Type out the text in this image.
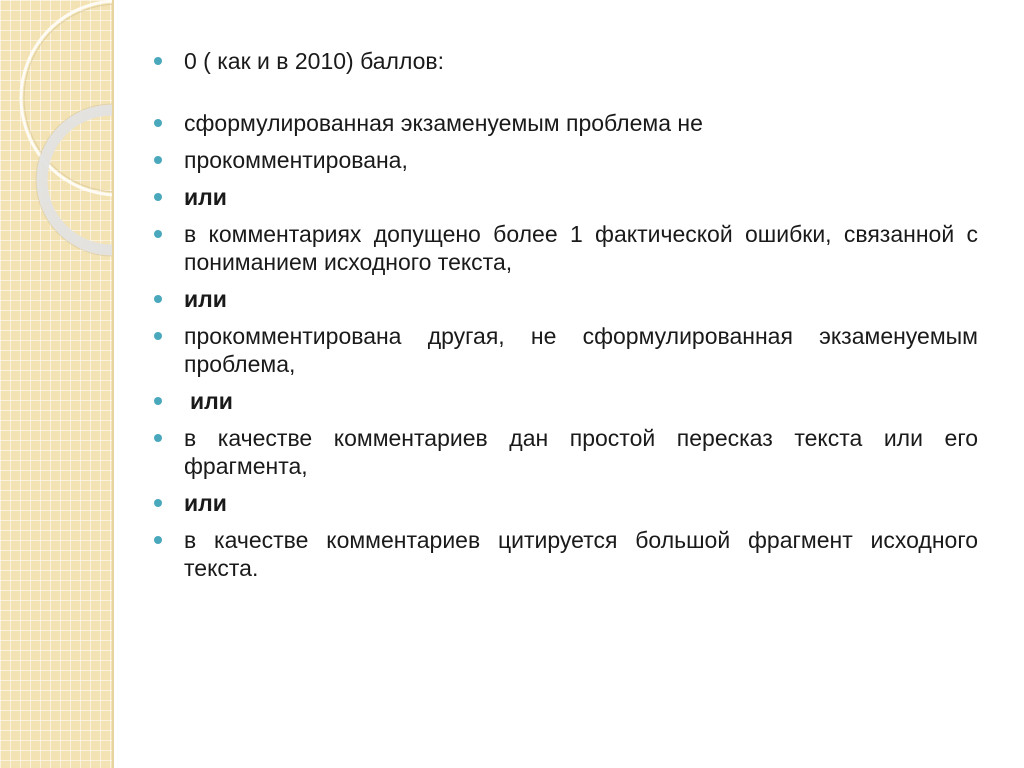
0 ( как и в 2010) баллов:
сформулированная экзаменуемым проблема не
прокомментирована,
или
в комментариях допущено более 1 фактической ошибки, связанной с пониманием исходного текста,
или
прокомментирована другая, не сформулированная экзаменуемым проблема,
или
в качестве комментариев дан простой пересказ текста или его фрагмента,
или
в качестве комментариев цитируется большой фрагмент исходного текста.
